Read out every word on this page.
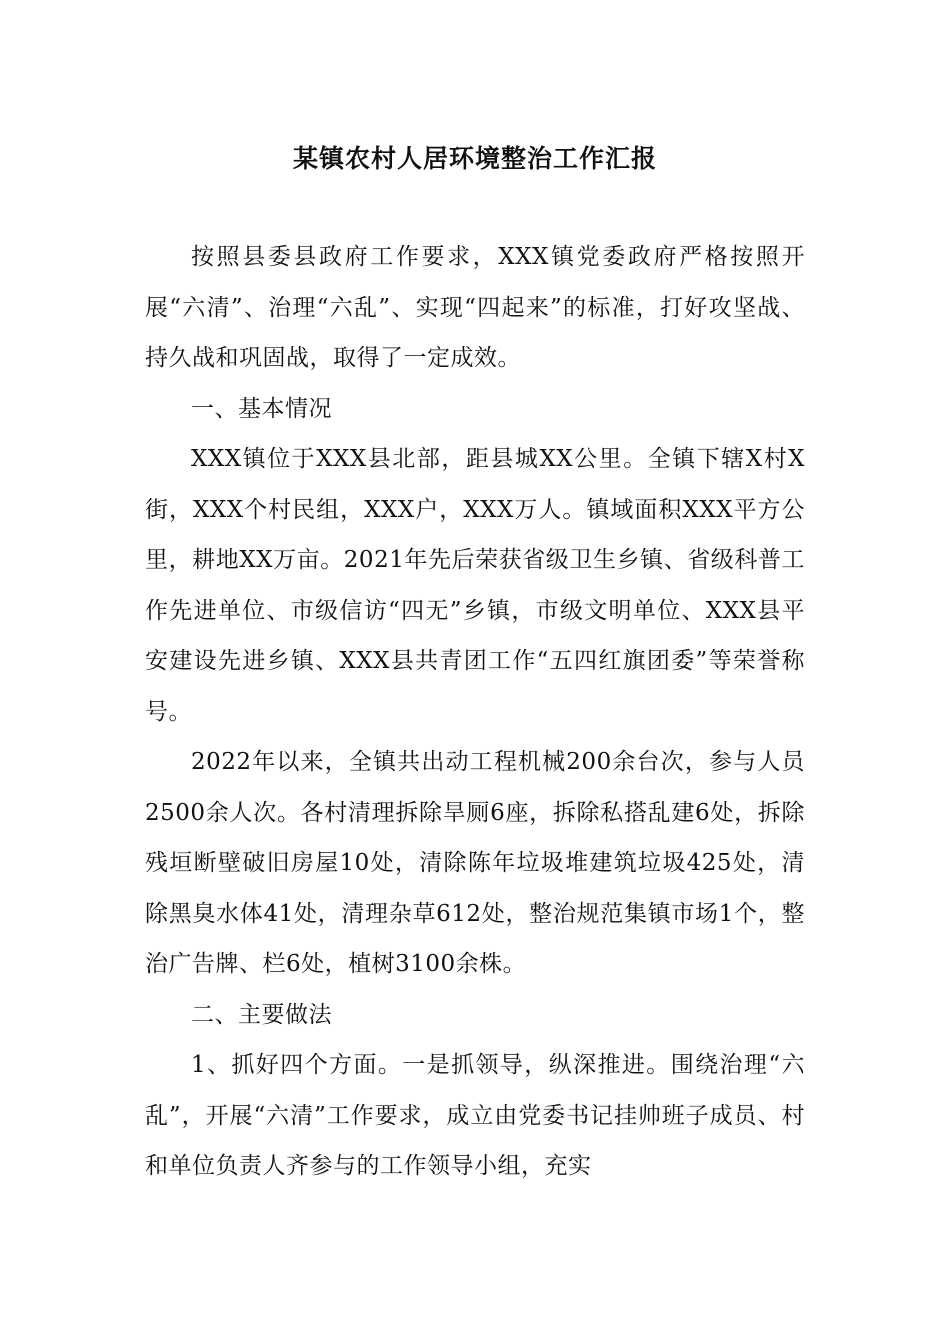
某镇农村人居环境整治工作汇报

按照县委县政府工作要求，XXX镇党委政府严格按照开展“六清”、治理“六乱”、实现“四起来”的标准，打好攻坚战、持久战和巩固战，取得了一定成效。

一、基本情况

XXX镇位于XXX县北部，距县城XX公里。全镇下辖X村X街，XXX个村民组，XXX户，XXX万人。镇域面积XXX平方公里，耕地XX万亩。2021年先后荣获省级卫生乡镇、省级科普工作先进单位、市级信访“四无”乡镇，市级文明单位、XXX县平安建设先进乡镇、XXX县共青团工作“五四红旗团委”等荣誉称号。

2022年以来，全镇共出动工程机械200余台次，参与人员2500余人次。各村清理拆除旱厕6座，拆除私搭乱建6处，拆除残垣断壁破旧房屋10处，清除陈年垃圾堆建筑垃圾425处，清除黑臭水体41处，清理杂草612处，整治规范集镇市场1个，整治广告牌、栏6处，植树3100余株。

二、主要做法

1、抓好四个方面。一是抓领导，纵深推进。围绕治理“六乱”，开展“六清”工作要求，成立由党委书记挂帅班子成员、村和单位负责人齐参与的工作领导小组，充实
